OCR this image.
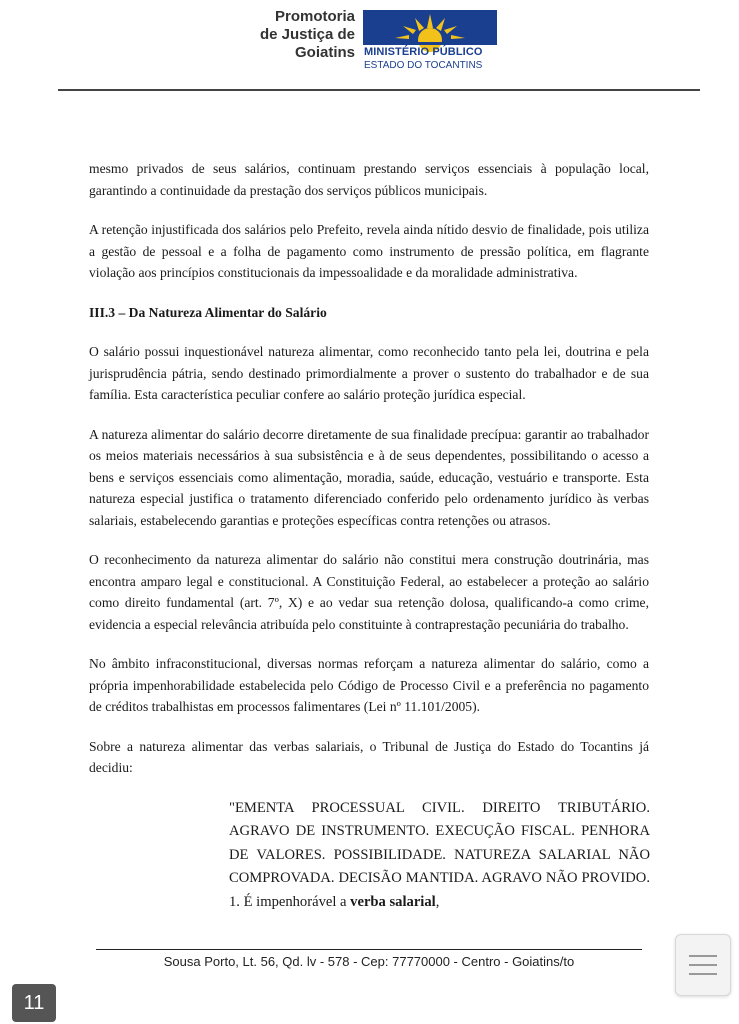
Promotoria
de Justiça de
Goiatins MINISTÉRIO PÚBLICO
ESTADO DO TOCANTINS

mesmo privados de seus salários, continuam prestando serviços essenciais à população local, garantindo a continuidade da prestação dos serviços públicos municipais.

A retenção injustificada dos salários pelo Prefeito, revela ainda nítido desvio de finalidade, pois utiliza a gestão de pessoal e a folha de pagamento como instrumento de pressão política, em flagrante violação aos princípios constitucionais da impessoalidade e da moralidade administrativa.

III.3 – Da Natureza Alimentar do Salário

O salário possui inquestionável natureza alimentar, como reconhecido tanto pela lei, doutrina e pela jurisprudência pátria, sendo destinado primordialmente a prover o sustento do trabalhador e de sua família. Esta característica peculiar confere ao salário proteção jurídica especial.

A natureza alimentar do salário decorre diretamente de sua finalidade precípua: garantir ao trabalhador os meios materiais necessários à sua subsistência e à de seus dependentes, possibilitando o acesso a bens e serviços essenciais como alimentação, moradia, saúde, educação, vestuário e transporte. Esta natureza especial justifica o tratamento diferenciado conferido pelo ordenamento jurídico às verbas salariais, estabelecendo garantias e proteções específicas contra retenções ou atrasos.

O reconhecimento da natureza alimentar do salário não constitui mera construção doutrinária, mas encontra amparo legal e constitucional. A Constituição Federal, ao estabelecer a proteção ao salário como direito fundamental (art. 7º, X) e ao vedar sua retenção dolosa, qualificando-a como crime, evidencia a especial relevância atribuída pelo constituinte à contraprestação pecuniária do trabalho.

No âmbito infraconstitucional, diversas normas reforçam a natureza alimentar do salário, como a própria impenhorabilidade estabelecida pelo Código de Processo Civil e a preferência no pagamento de créditos trabalhistas em processos falimentares (Lei nº 11.101/2005).

Sobre a natureza alimentar das verbas salariais, o Tribunal de Justiça do Estado do Tocantins já decidiu:

"EMENTA PROCESSUAL CIVIL. DIREITO TRIBUTÁRIO. AGRAVO DE INSTRUMENTO. EXECUÇÃO FISCAL. PENHORA DE VALORES. POSSIBILIDADE. NATUREZA SALARIAL NÃO COMPROVADA. DECISÃO MANTIDA. AGRAVO NÃO PROVIDO. 1. É impenhorável a verba salarial,
Sousa Porto, Lt. 56, Qd. lv - 578 - Cep: 77770000 - Centro - Goiatins/to
11
